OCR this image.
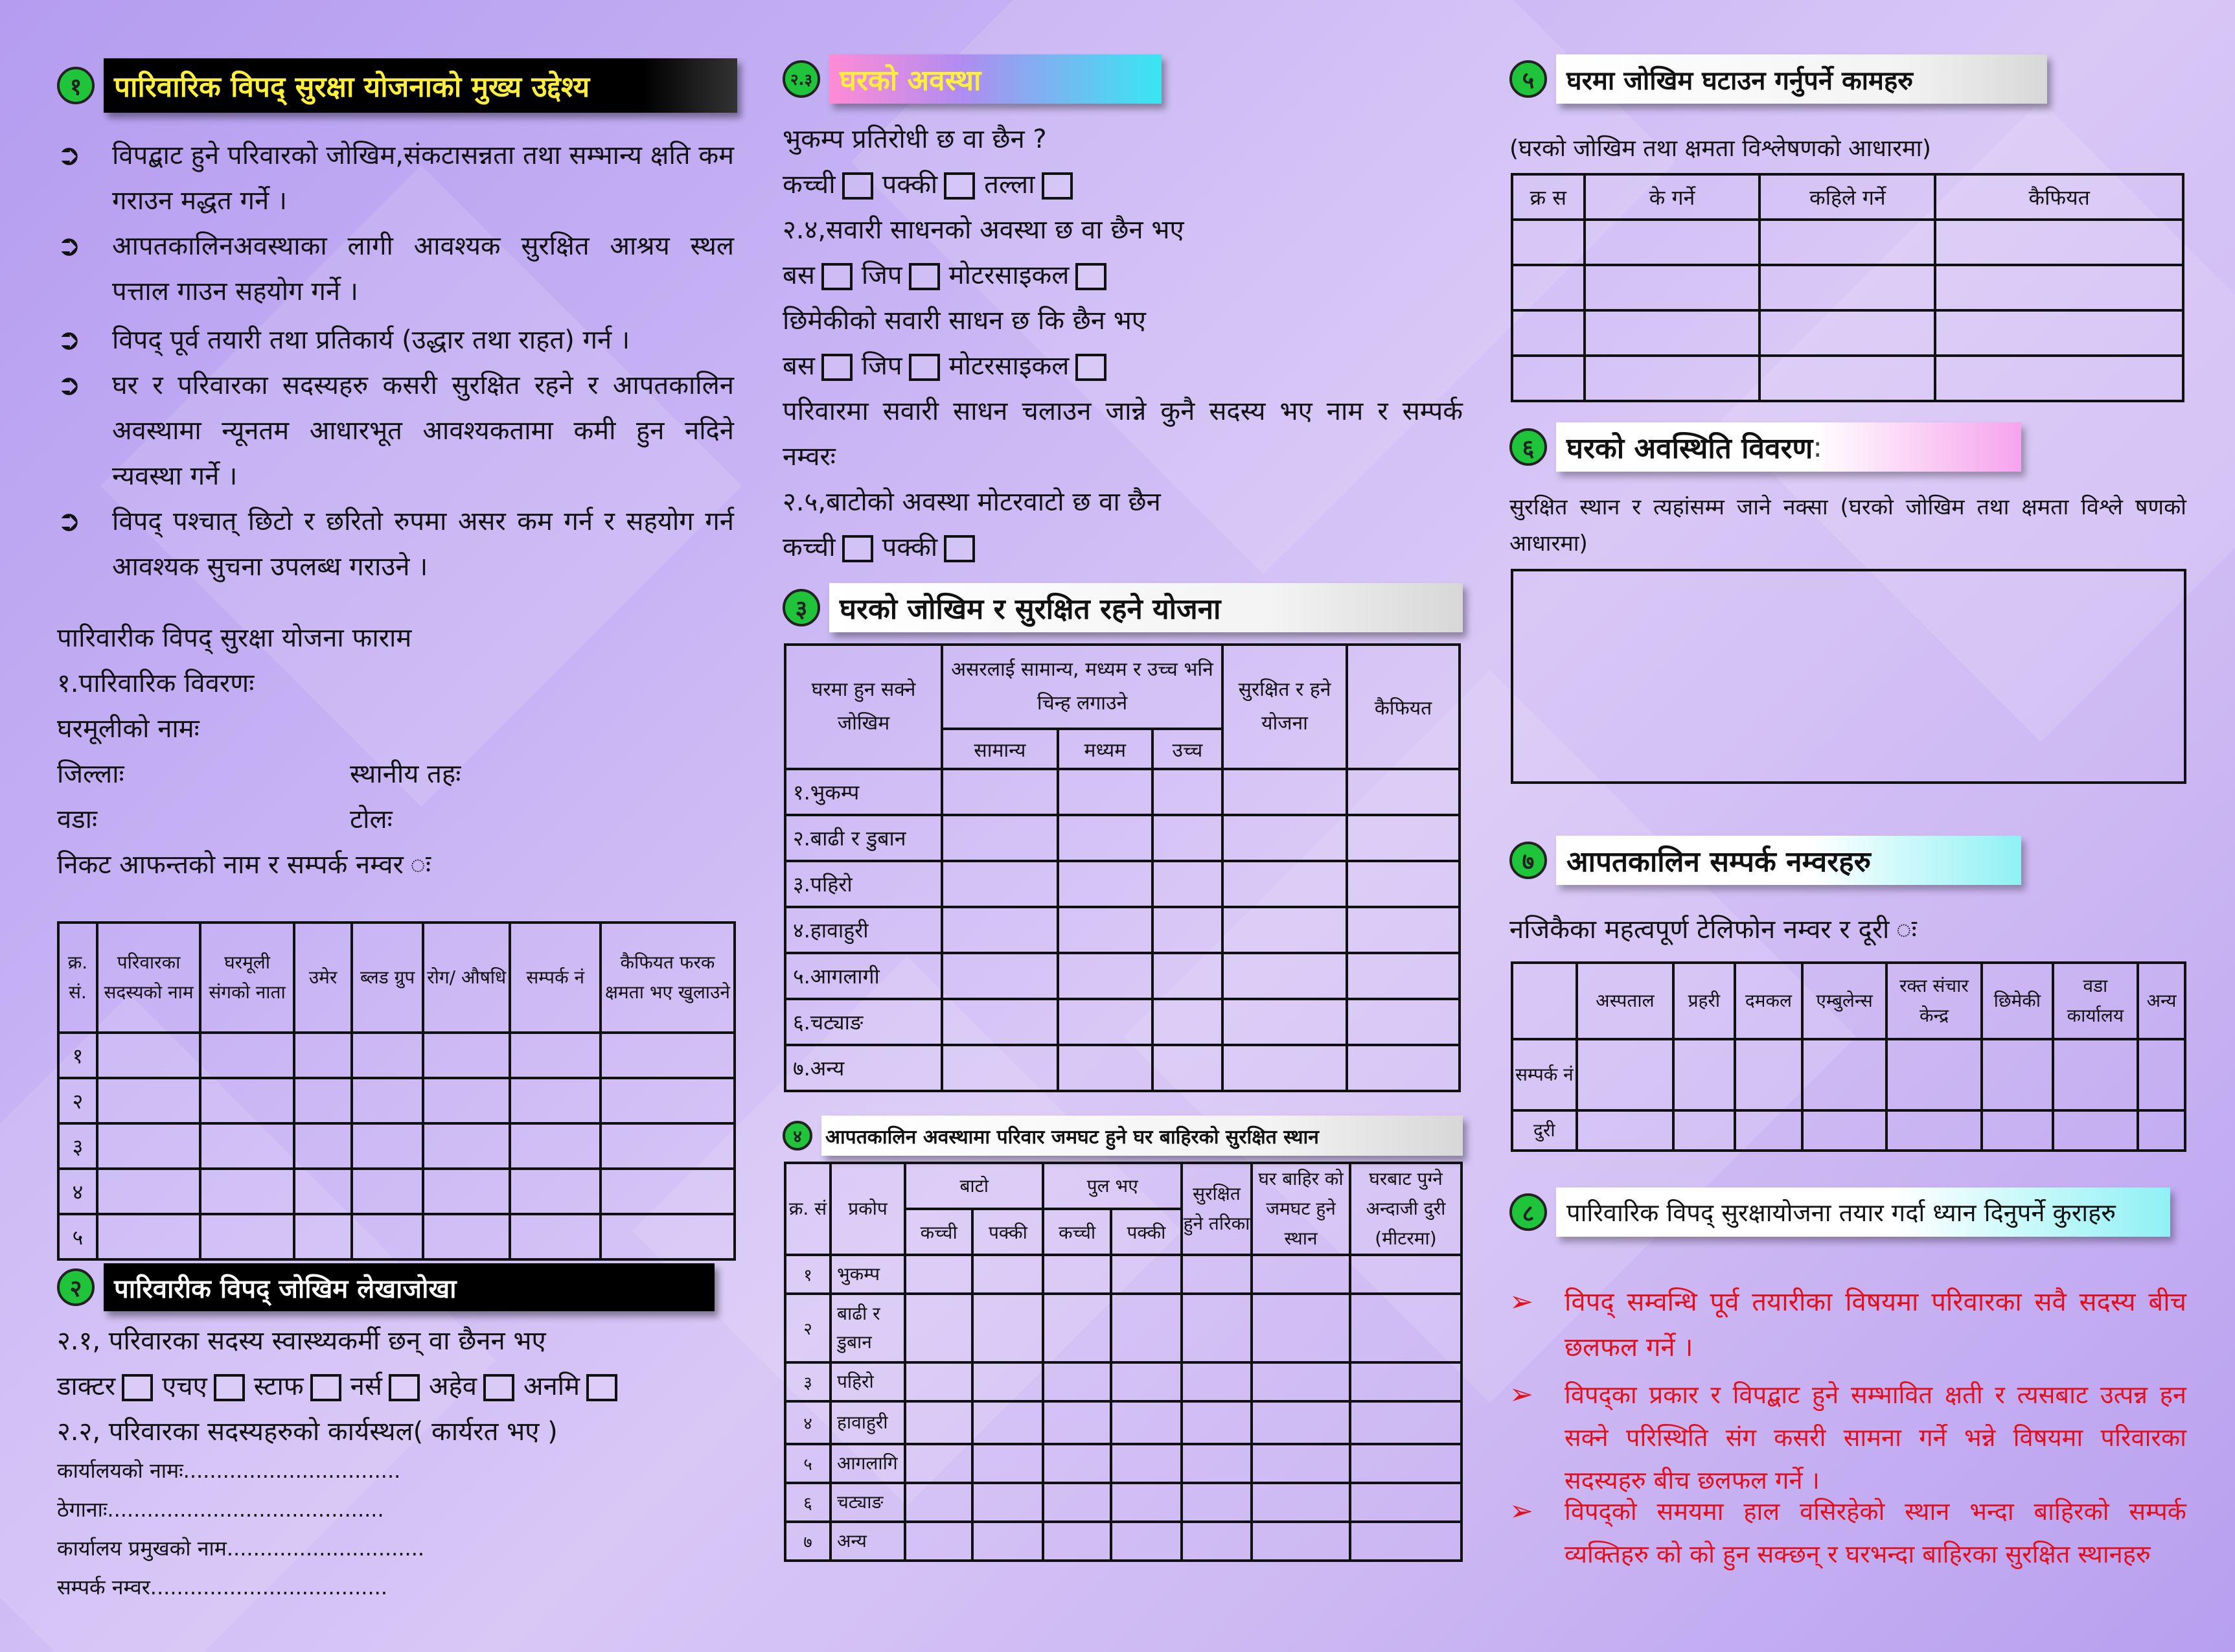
१	पारिवारिक विपद् सुरक्षा योजनाको मुख्य उद्देश्य
➲ विपद्बाट हुने परिवारको जोखिम,संकटासन्नता तथा सम्भान्य क्षति कम गराउन मद्धत गर्ने ।
➲ आपतकालिनअवस्थाका लागी आवश्यक सुरक्षित आश्रय स्थल पत्ताल गाउन सहयोग गर्ने ।
➲ विपद् पूर्व तयारी तथा प्रतिकार्य (उद्धार तथा राहत) गर्न ।
➲ घर र परिवारका सदस्यहरु कसरी सुरक्षित रहने र आपतकालिन अवस्थामा न्यूनतम आधारभूत आवश्यकतामा कमी हुन नदिने न्यवस्था गर्ने ।
➲ विपद् पश्चात् छिटो र छरितो रुपमा असर कम गर्न र सहयोग गर्न आवश्यक सुचना उपलब्ध गराउने ।
पारिवारीक विपद् सुरक्षा योजना फाराम
१.पारिवारिक विवरणः
घरमूलीको नामः
जिल्लाः	स्थानीय तहः
वडाः	टोलः
निकट आफन्तको नाम र सम्पर्क नम्वर ः
क्र. सं.	परिवारका सदस्यको नाम	घरमूली संगको नाता	उमेर	ब्लड ग्रुप	रोग/ औषधि	सम्पर्क नं	कैफियत फरक क्षमता भए खुलाउने
१							
२							
३							
४							
५							
२	पारिवारीक विपद् जोखिम लेखाजोखा
२.१, परिवारका सदस्य स्वास्थ्यकर्मी छन् वा छैनन भए
डाक्टर एचए स्टाफ नर्स अहेव अनमि
२.२, परिवारका सदस्यहरुको कार्यस्थल( कार्यरत भए )
कार्यालयको नामः.................................
ठेगानाः..........................................
कार्यालय प्रमुखको नाम..............................
सम्पर्क नम्वर....................................
२.३ घरको अवस्था
भुकम्प प्रतिरोधी छ वा छैन ?
कच्ची पक्की तल्ला
२.४,सवारी साधनको अवस्था छ वा छैन भए
बस जिप मोटरसाइकल
छिमेकीको सवारी साधन छ कि छैन भए
बस जिप मोटरसाइकल
परिवारमा सवारी साधन चलाउन जान्ने कुनै सदस्य भए नाम र सम्पर्क नम्वरः
२.५,बाटोको अवस्था मोटरवाटो छ वा छैन
कच्ची पक्की
३	घरको जोखिम र सुरक्षित रहने योजना
घरमा हुन सक्ने जोखिम	असरलाई सामान्य, मध्यम र उच्च भनि चिन्ह लगाउने			सुरक्षित र हने योजना	कैफियत
	सामान्य	मध्यम	उच्च		
१.भुकम्प					
२.बाढी र डुबान					
३.पहिरो					
४.हावाहुरी					
५.आगलागी					
६.चट्याङ					
७.अन्य					
४	आपतकालिन अवस्थामा परिवार जमघट हुने घर बाहिरको सुरक्षित स्थान
क्र. सं	प्रकोप	बाटो		पुल भए		सुरक्षित हुने तरिका	घर बाहिर को जमघट हुने स्थान	घरबाट पुग्ने अन्दाजी दुरी (मीटरमा)
		कच्ची	पक्की	कच्ची	पक्की			
१	भुकम्प							
२	बाढी र डुबान							
३	पहिरो							
४	हावाहुरी							
५	आगलागि							
६	चट्याङ							
७	अन्य							
५	घरमा जोखिम घटाउन गर्नुपर्ने कामहरु
(घरको जोखिम तथा क्षमता विश्लेषणको आधारमा)
क्र स	के गर्ने	कहिले गर्ने	कैफियत

६	घरको अवस्थिति विवरण :
सुरक्षित स्थान र त्यहांसम्म जाने नक्सा (घरको जोखिम तथा क्षमता विश्ले षणको आधारमा)
७	आपतकालिन सम्पर्क नम्वरहरु
नजिकैका महत्वपूर्ण टेलिफोन नम्वर र दूरी ः
	अस्पताल	प्रहरी	दमकल	एम्बुलेन्स	रक्त संचार केन्द्र	छिमेकी	वडा कार्यालय	अन्य
सम्पर्क नं								
दुरी								
८	पारिवारिक विपद् सुरक्षायोजना तयार गर्दा ध्यान दिनुपर्ने कुराहरु
➢ विपद् सम्वन्धि पूर्व तयारीका विषयमा परिवारका सवै सदस्य बीच छलफल गर्ने ।
➢ विपद्का प्रकार र विपद्बाट हुने सम्भावित क्षती र त्यसबाट उत्पन्न हन सक्ने परिस्थिति संग कसरी सामना गर्ने भन्ने विषयमा परिवारका सदस्यहरु बीच छलफल गर्ने ।
➢ विपद्को समयमा हाल वसिरहेको स्थान भन्दा बाहिरको सम्पर्क व्यक्तिहरु को को हुन सक्छन् र घरभन्दा बाहिरका सुरक्षित स्थानहरु
